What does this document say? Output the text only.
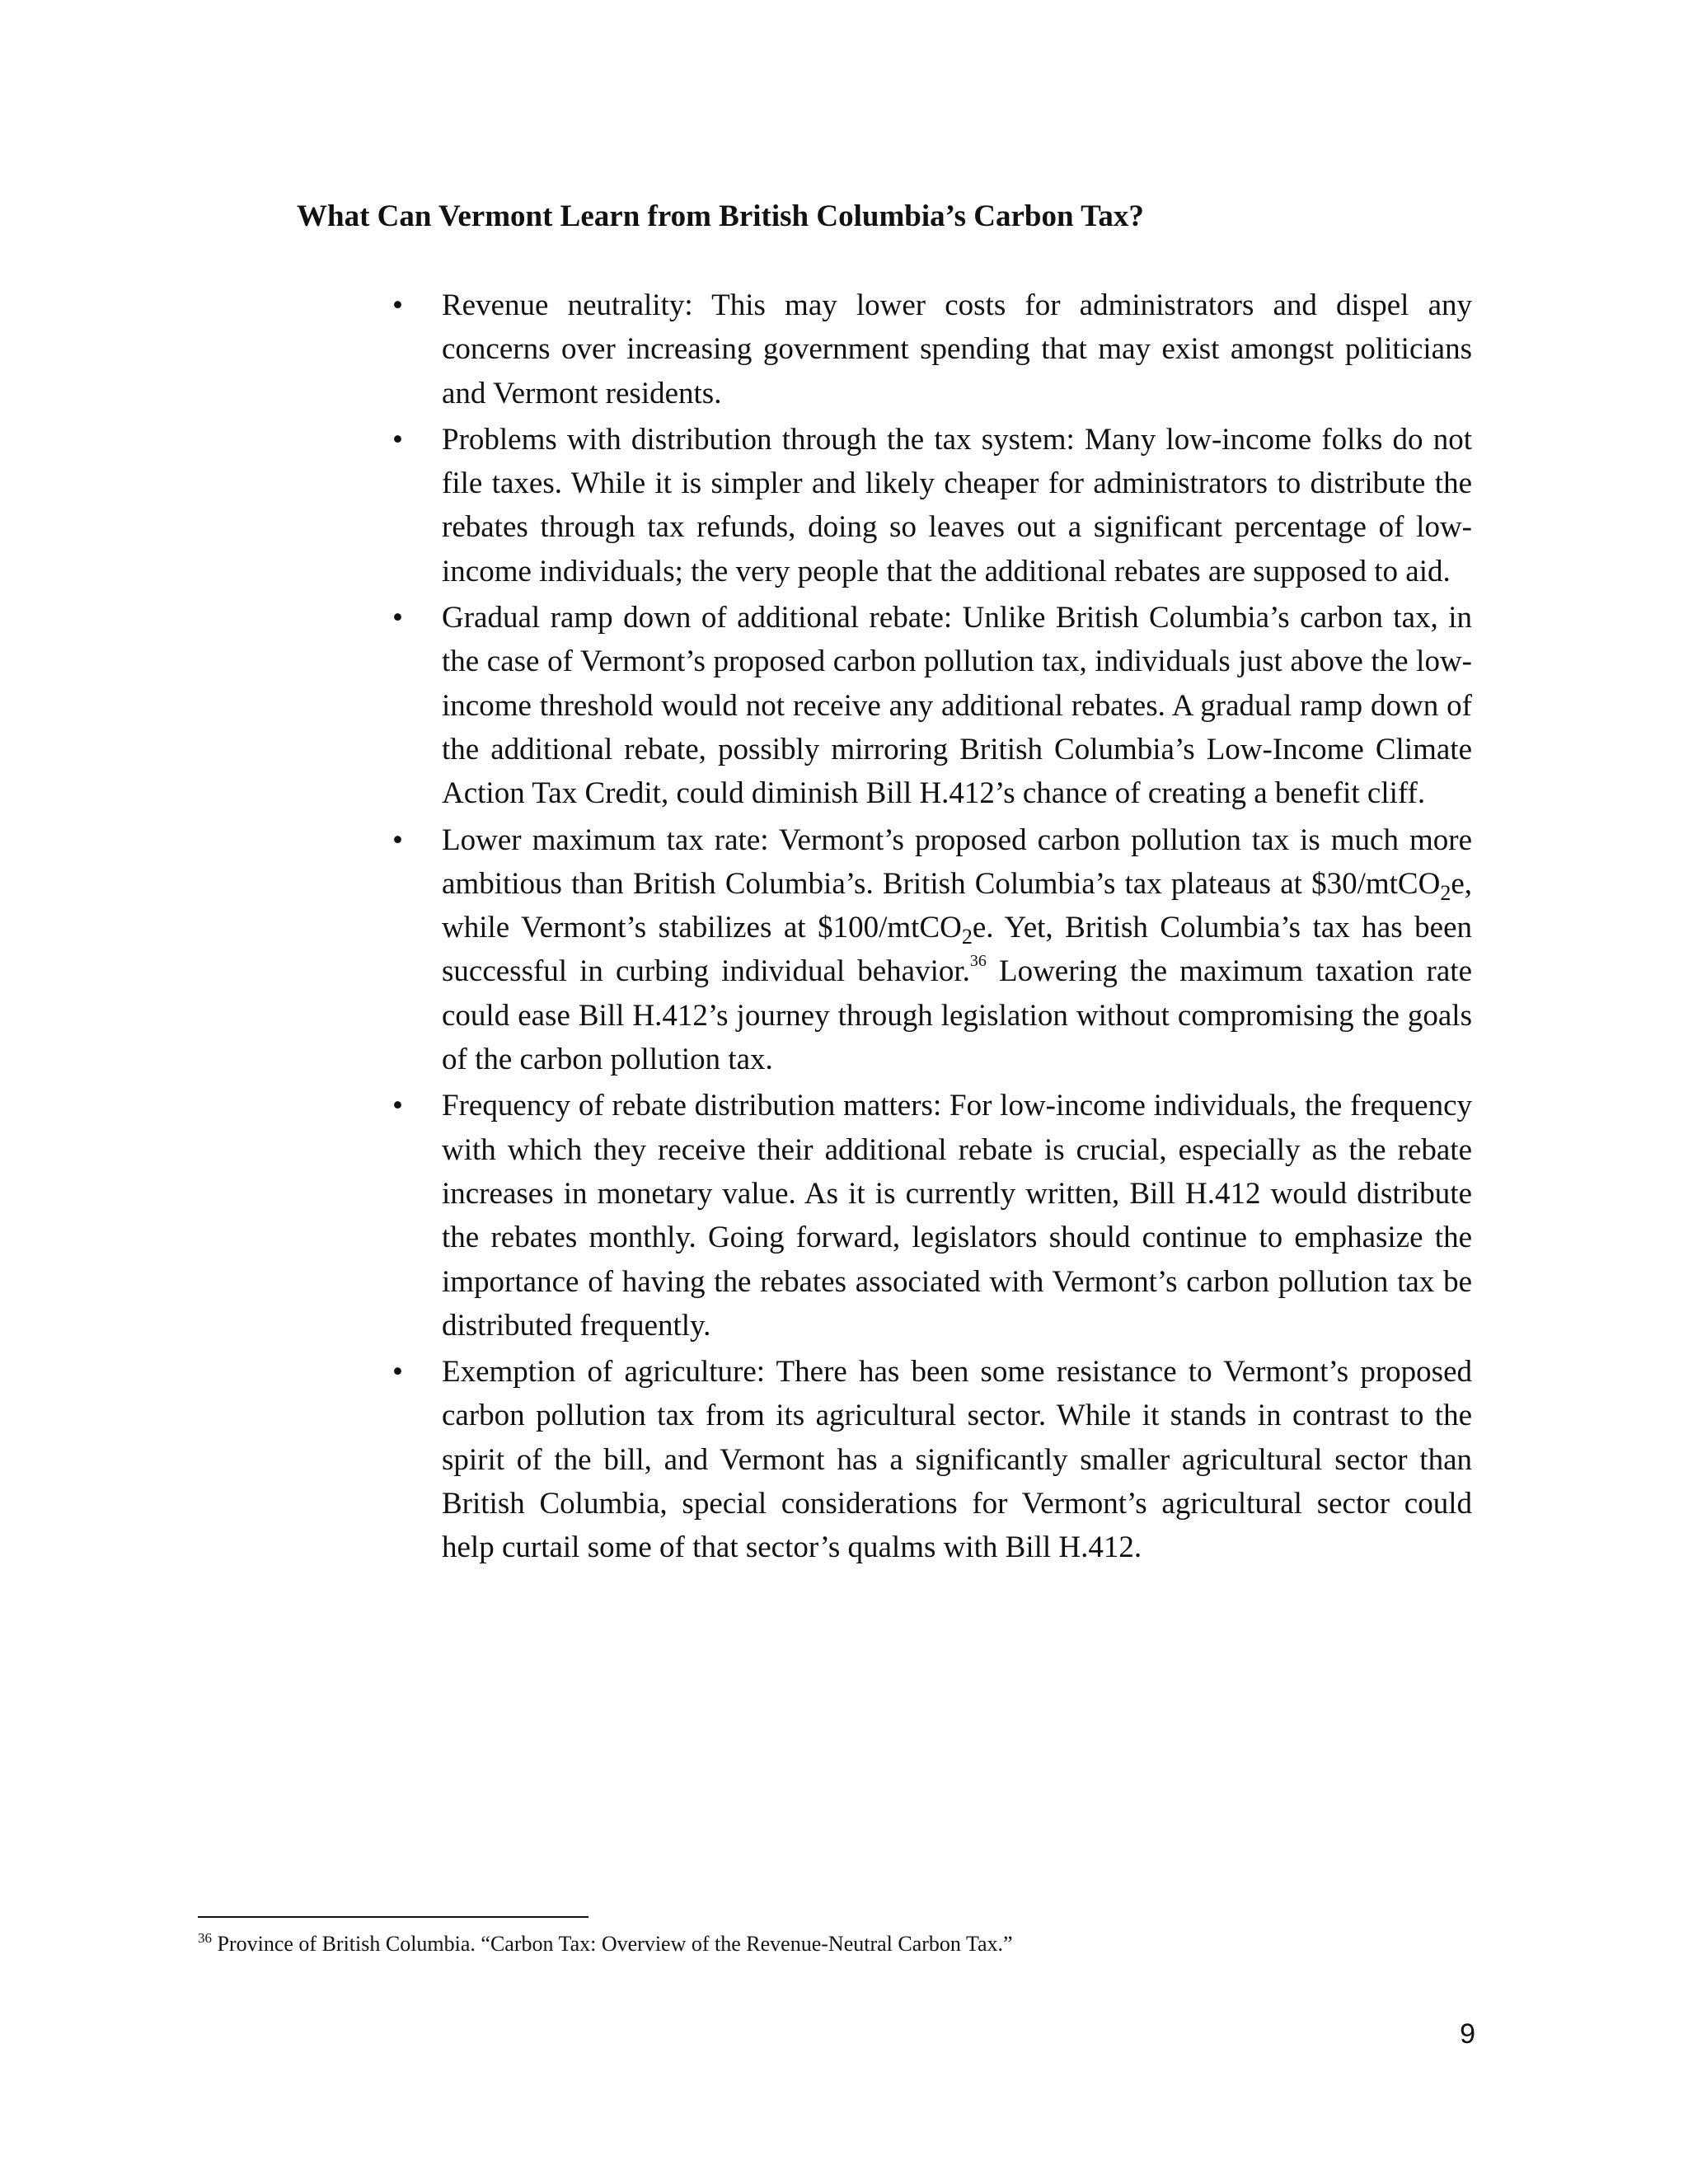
What Can Vermont Learn from British Columbia’s Carbon Tax?
• Revenue neutrality: This may lower costs for administrators and dispel any concerns over increasing government spending that may exist amongst politicians and Vermont residents.
• Problems with distribution through the tax system: Many low-income folks do not file taxes. While it is simpler and likely cheaper for administrators to distribute the rebates through tax refunds, doing so leaves out a significant percentage of low-income individuals; the very people that the additional rebates are supposed to aid.
• Gradual ramp down of additional rebate: Unlike British Columbia’s carbon tax, in the case of Vermont’s proposed carbon pollution tax, individuals just above the low-income threshold would not receive any additional rebates. A gradual ramp down of the additional rebate, possibly mirroring British Columbia’s Low-Income Climate Action Tax Credit, could diminish Bill H.412’s chance of creating a benefit cliff.
• Lower maximum tax rate: Vermont’s proposed carbon pollution tax is much more ambitious than British Columbia’s. British Columbia’s tax plateaus at $30/mtCO$_2$e, while Vermont’s stabilizes at $100/mtCO$_2$e. Yet, British Columbia’s tax has been successful in curbing individual behavior.$^{36}$ Lowering the maximum taxation rate could ease Bill H.412’s journey through legislation without compromising the goals of the carbon pollution tax.
• Frequency of rebate distribution matters: For low-income individuals, the frequency with which they receive their additional rebate is crucial, especially as the rebate increases in monetary value. As it is currently written, Bill H.412 would distribute the rebates monthly. Going forward, legislators should continue to emphasize the importance of having the rebates associated with Vermont’s carbon pollution tax be distributed frequently.
• Exemption of agriculture: There has been some resistance to Vermont’s proposed carbon pollution tax from its agricultural sector. While it stands in contrast to the spirit of the bill, and Vermont has a significantly smaller agricultural sector than British Columbia, special considerations for Vermont’s agricultural sector could help curtail some of that sector’s qualms with Bill H.412.

$^{36}$ Province of British Columbia. “Carbon Tax: Overview of the Revenue-Neutral Carbon Tax.”

9
